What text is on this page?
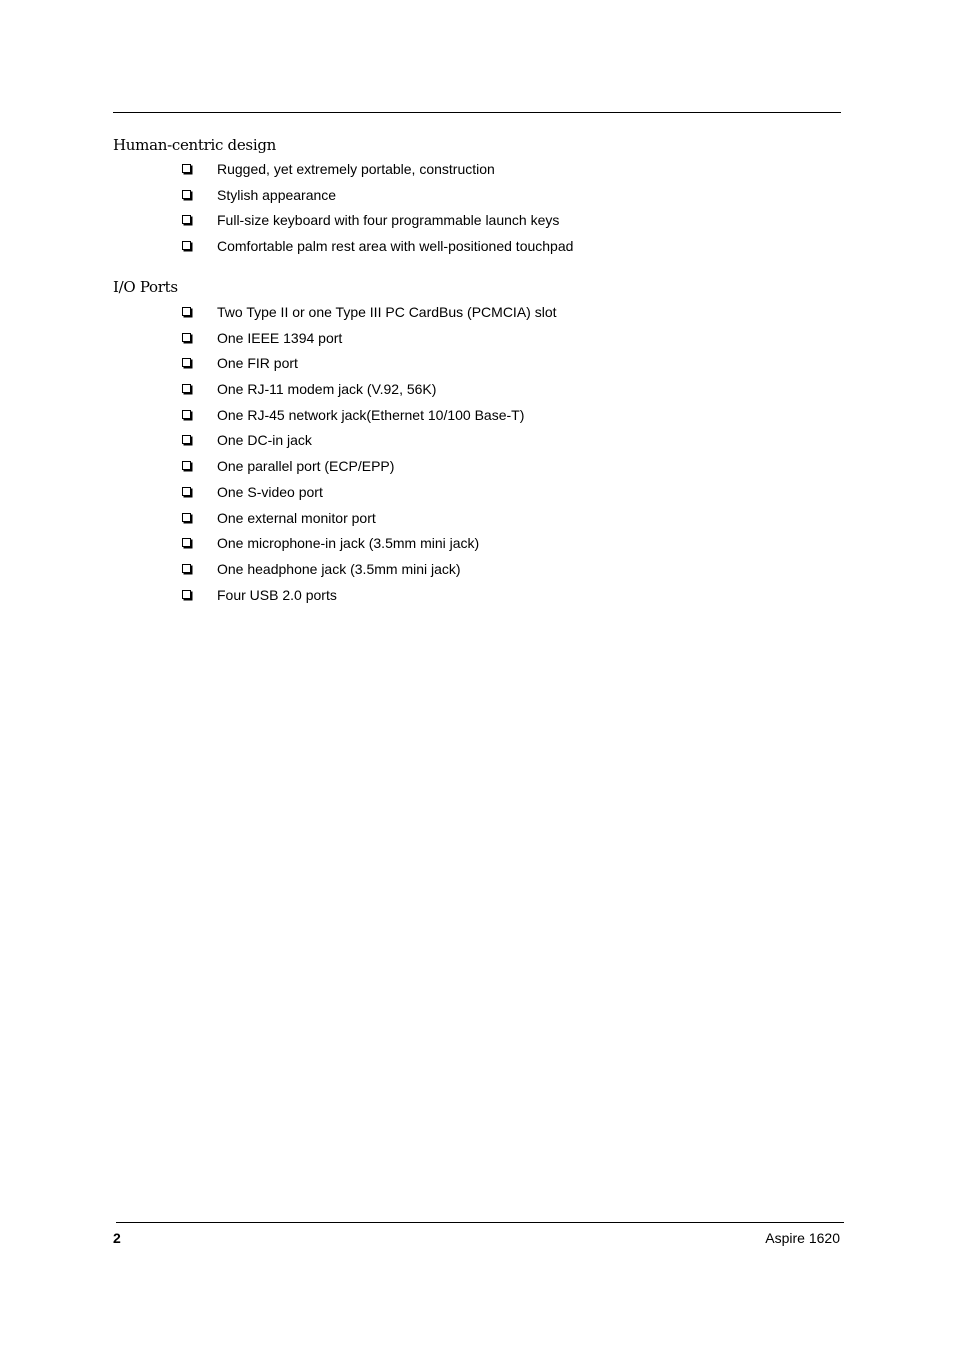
Human-centric design
Rugged, yet extremely portable, construction
Stylish appearance
Full-size keyboard with four programmable launch keys
Comfortable palm rest area with well-positioned touchpad
I/O Ports
Two Type II or one Type III PC CardBus (PCMCIA) slot
One IEEE 1394 port
One FIR port
One RJ-11 modem jack (V.92, 56K)
One RJ-45 network jack(Ethernet 10/100 Base-T)
One DC-in jack
One parallel port (ECP/EPP)
One S-video port
One external monitor port
One microphone-in jack (3.5mm mini jack)
One headphone jack (3.5mm mini jack)
Four USB 2.0 ports
2	Aspire 1620
